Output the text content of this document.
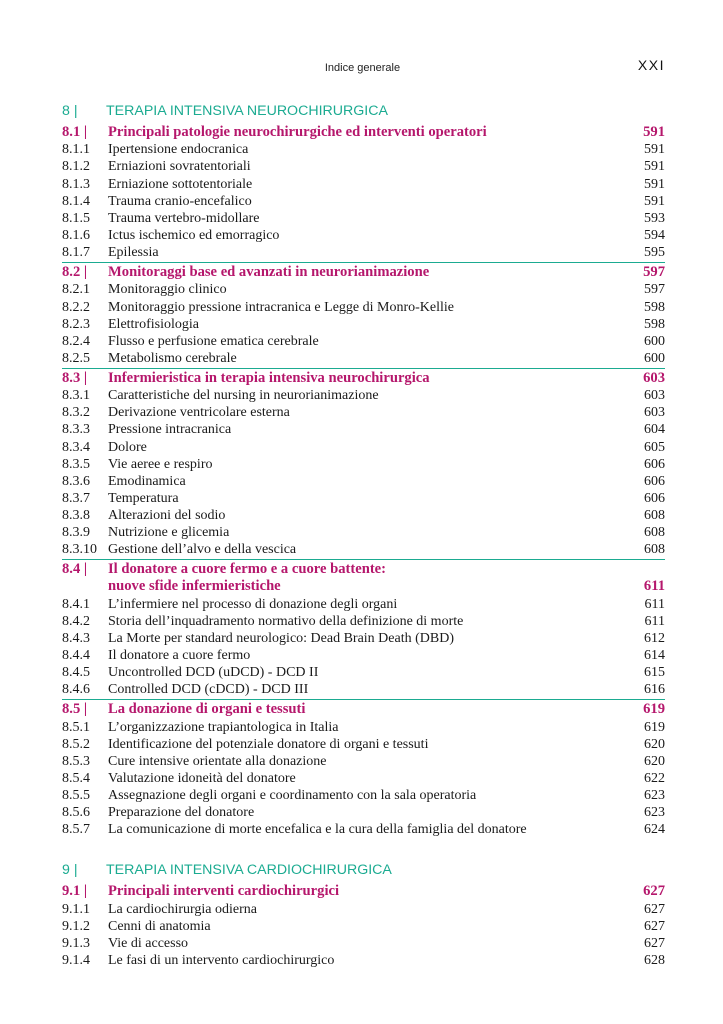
Indice generale	XXI
8 |	TERAPIA INTENSIVA NEUROCHIRURGICA
8.1 |	Principali patologie neurochirurgiche ed interventi operatori	591
8.1.1	Ipertensione endocranica	591
8.1.2	Erniazioni sovratentoriali	591
8.1.3	Erniazione sottotentoriale	591
8.1.4	Trauma cranio-encefalico	591
8.1.5	Trauma vertebro-midollare	593
8.1.6	Ictus ischemico ed emorragico	594
8.1.7	Epilessia	595
8.2 |	Monitoraggi base ed avanzati in neurorianimazione	597
8.2.1	Monitoraggio clinico	597
8.2.2	Monitoraggio pressione intracranica e Legge di Monro-Kellie	598
8.2.3	Elettrofisiologia	598
8.2.4	Flusso e perfusione ematica cerebrale	600
8.2.5	Metabolismo cerebrale	600
8.3 |	Infermieristica in terapia intensiva neurochirurgica	603
8.3.1	Caratteristiche del nursing in neurorianimazione	603
8.3.2	Derivazione ventricolare esterna	603
8.3.3	Pressione intracranica	604
8.3.4	Dolore	605
8.3.5	Vie aeree e respiro	606
8.3.6	Emodinamica	606
8.3.7	Temperatura	606
8.3.8	Alterazioni del sodio	608
8.3.9	Nutrizione e glicemia	608
8.3.10 Gestione dell’alvo e della vescica	608
8.4 |	Il donatore a cuore fermo e a cuore battente:
nuove sfide infermieristiche	611
8.4.1	L’infermiere nel processo di donazione degli organi	611
8.4.2	Storia dell’inquadramento normativo della definizione di morte	611
8.4.3	La Morte per standard neurologico: Dead Brain Death (DBD)	612
8.4.4	Il donatore a cuore fermo	614
8.4.5	Uncontrolled DCD (uDCD) - DCD II	615
8.4.6	Controlled DCD (cDCD) - DCD III	616
8.5 |	La donazione di organi e tessuti	619
8.5.1	L’organizzazione trapiantologica in Italia	619
8.5.2	Identificazione del potenziale donatore di organi e tessuti	620
8.5.3	Cure intensive orientate alla donazione	620
8.5.4	Valutazione idoneità del donatore	622
8.5.5	Assegnazione degli organi e coordinamento con la sala operatoria	623
8.5.6	Preparazione del donatore	623
8.5.7	La comunicazione di morte encefalica e la cura della famiglia del donatore	624
9 |	TERAPIA INTENSIVA CARDIOCHIRURGICA
9.1 |	Principali interventi cardiochirurgici	627
9.1.1	La cardiochirurgia odierna	627
9.1.2	Cenni di anatomia	627
9.1.3	Vie di accesso	627
9.1.4	Le fasi di un intervento cardiochirurgico	628
